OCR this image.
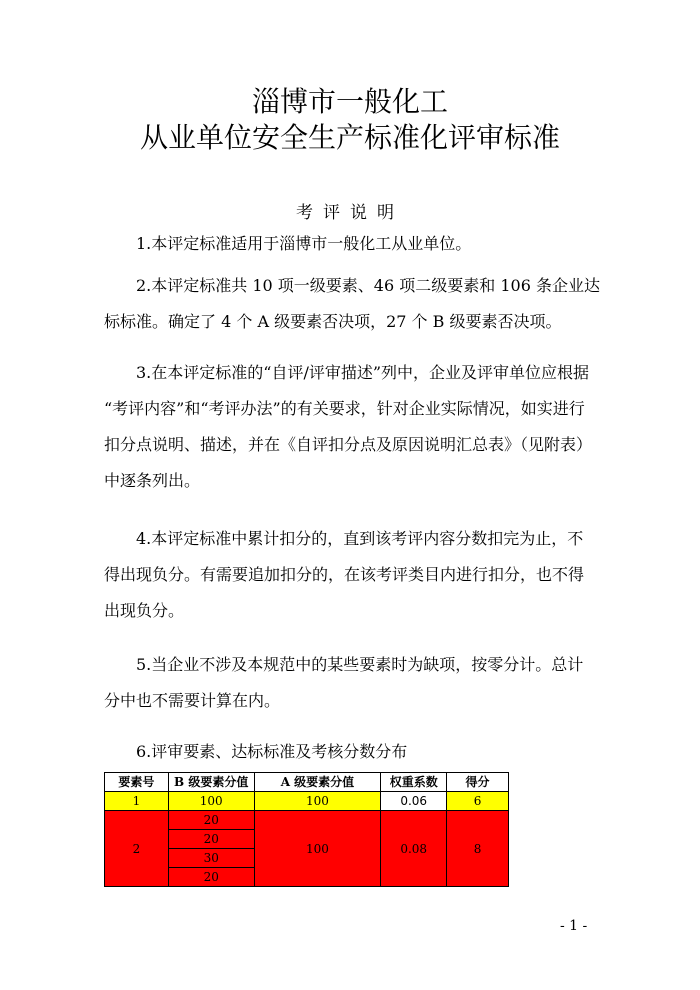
淄博市一般化工
从业单位安全生产标准化评审标准
考评说明
1.本评定标准适用于淄博市一般化工从业单位。
2.本评定标准共 10 项一级要素、46 项二级要素和 106 条企业达
标标准。确定了 4 个 A 级要素否决项，27 个 B 级要素否决项。
3.在本评定标准的“自评/评审描述”列中，企业及评审单位应根据
“考评内容”和“考评办法”的有关要求，针对企业实际情况，如实进行
扣分点说明、描述，并在《自评扣分点及原因说明汇总表》（见附表）
中逐条列出。
4.本评定标准中累计扣分的，直到该考评内容分数扣完为止，不
得出现负分。有需要追加扣分的，在该考评类目内进行扣分，也不得
出现负分。
5.当企业不涉及本规范中的某些要素时为缺项，按零分计。总计
分中也不需要计算在内。
6.评审要素、达标标准及考核分数分布
要素号	B 级要素分值	A 级要素分值	权重系数	得分
1	100	100	0.06	6
2	20	100	0.08	8
	20			
	30			
	20			
- 1 -
